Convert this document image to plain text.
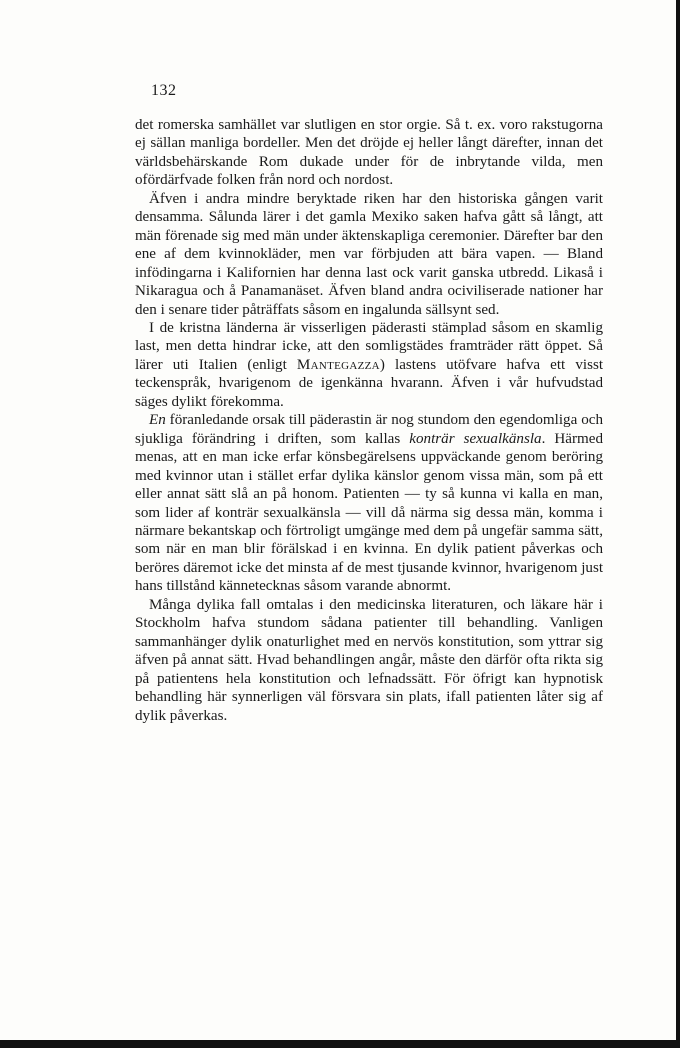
132

det romerska samhället var slutligen en stor orgie. Så t. ex. voro rakstugorna ej sällan manliga bordeller. Men det dröjde ej heller långt därefter, innan det världsbehärskande Rom dukade under för de inbrytande vilda, men ofördärfvade folken från nord och nordost.

Äfven i andra mindre beryktade riken har den historiska gången varit densamma. Sålunda lärer i det gamla Mexiko saken hafva gått så långt, att män förenade sig med män under äktenskapliga ceremonier. Därefter bar den ene af dem kvinnokläder, men var förbjuden att bära vapen. — Bland infödingarna i Kalifornien har denna last ock varit ganska utbredd. Likaså i Nikaragua och å Panamanäset. Äfven bland andra ociviliserade nationer har den i senare tider påträffats såsom en ingalunda sällsynt sed.

I de kristna länderna är visserligen päderasti stämplad såsom en skamlig last, men detta hindrar icke, att den somligstädes framträder rätt öppet. Så lärer uti Italien (enligt Mantegazza) lastens utöfvare hafva ett visst teckenspråk, hvarigenom de igenkänna hvarann. Äfven i vår hufvudstad säges dylikt förekomma.

En föranledande orsak till päderastin är nog stundom den egendomliga och sjukliga förändring i driften, som kallas konträr sexualkänsla. Härmed menas, att en man icke erfar könsbegärelsens uppväckande genom beröring med kvinnor utan i stället erfar dylika känslor genom vissa män, som på ett eller annat sätt slå an på honom. Patienten — ty så kunna vi kalla en man, som lider af konträr sexualkänsla — vill då närma sig dessa män, komma i närmare bekantskap och förtroligt umgänge med dem på ungefär samma sätt, som när en man blir förälskad i en kvinna. En dylik patient påverkas och beröres däremot icke det minsta af de mest tjusande kvinnor, hvarigenom just hans tillstånd kännetecknas såsom varande abnormt.

Många dylika fall omtalas i den medicinska literaturen, och läkare här i Stockholm hafva stundom sådana patienter till behandling. Vanligen sammanhänger dylik onaturlighet med en nervös konstitution, som yttrar sig äfven på annat sätt. Hvad behandlingen angår, måste den därför ofta rikta sig på patientens hela konstitution och lefnadssätt. För öfrigt kan hypnotisk behandling här synnerligen väl försvara sin plats, ifall patienten låter sig af dylik påverkas.
